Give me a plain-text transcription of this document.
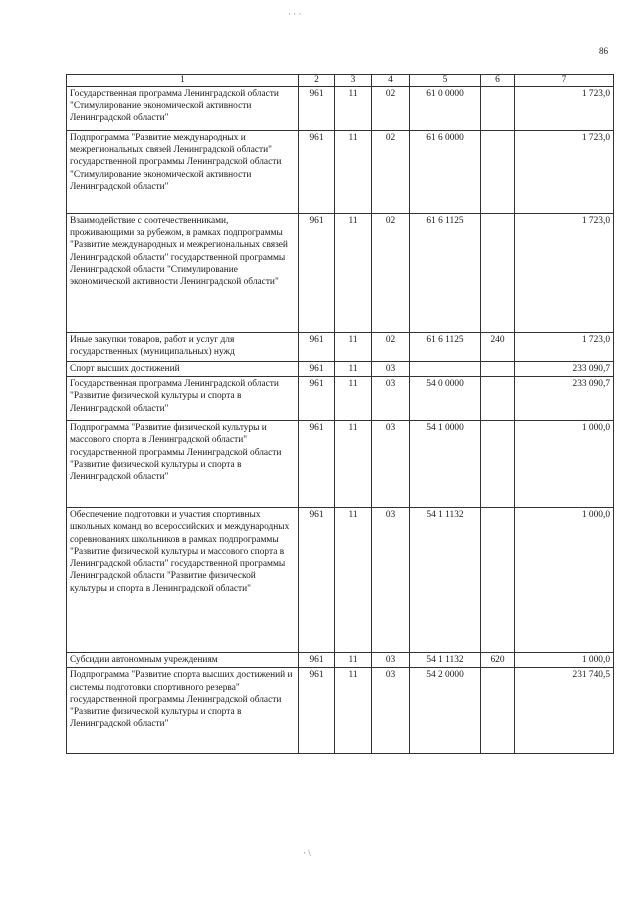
· · ·
86
1	2	3	4	5	6	7
Государственная программа Ленинградской области "Стимулирование экономической активности Ленинградской области"	961	11	02	61 0 0000		1 723,0
Подпрограмма "Развитие международных и межрегиональных связей Ленинградской области" государственной программы Ленинградской области "Стимулирование экономической активности Ленинградской области"	961	11	02	61 6 0000		1 723,0
Взаимодействие с соотечественниками, проживающими за рубежом, в рамках подпрограммы "Развитие международных и межрегиональных связей Ленинградской области" государственной программы Ленинградской области "Стимулирование экономической активности Ленинградской области"	961	11	02	61 6 1125		1 723,0
Иные закупки товаров, работ и услуг для государственных (муниципальных) нужд	961	11	02	61 6 1125	240	1 723,0
Спорт высших достижений	961	11	03			233 090,7
Государственная программа Ленинградской области "Развитие физической культуры и спорта в Ленинградской области"	961	11	03	54 0 0000		233 090,7
Подпрограмма "Развитие физической культуры и массового спорта в Ленинградской области" государственной программы Ленинградской области "Развитие физической культуры и спорта в Ленинградской области"	961	11	03	54 1 0000		1 000,0
Обеспечение подготовки и участия спортивных школьных команд во всероссийских и международных соревнованиях школьников в рамках подпрограммы "Развитие физической культуры и массового спорта в Ленинградской области" государственной программы Ленинградской области "Развитие физической культуры и спорта в Ленинградской области"	961	11	03	54 1 1132		1 000,0
Субсидии автономным учреждениям	961	11	03	54 1 1132	620	1 000,0
Подпрограмма "Развитие спорта высших достижений и системы подготовки спортивного резерва" государственной программы Ленинградской области "Развитие физической культуры и спорта в Ленинградской области"	961	11	03	54 2 0000		231 740,5
· \
